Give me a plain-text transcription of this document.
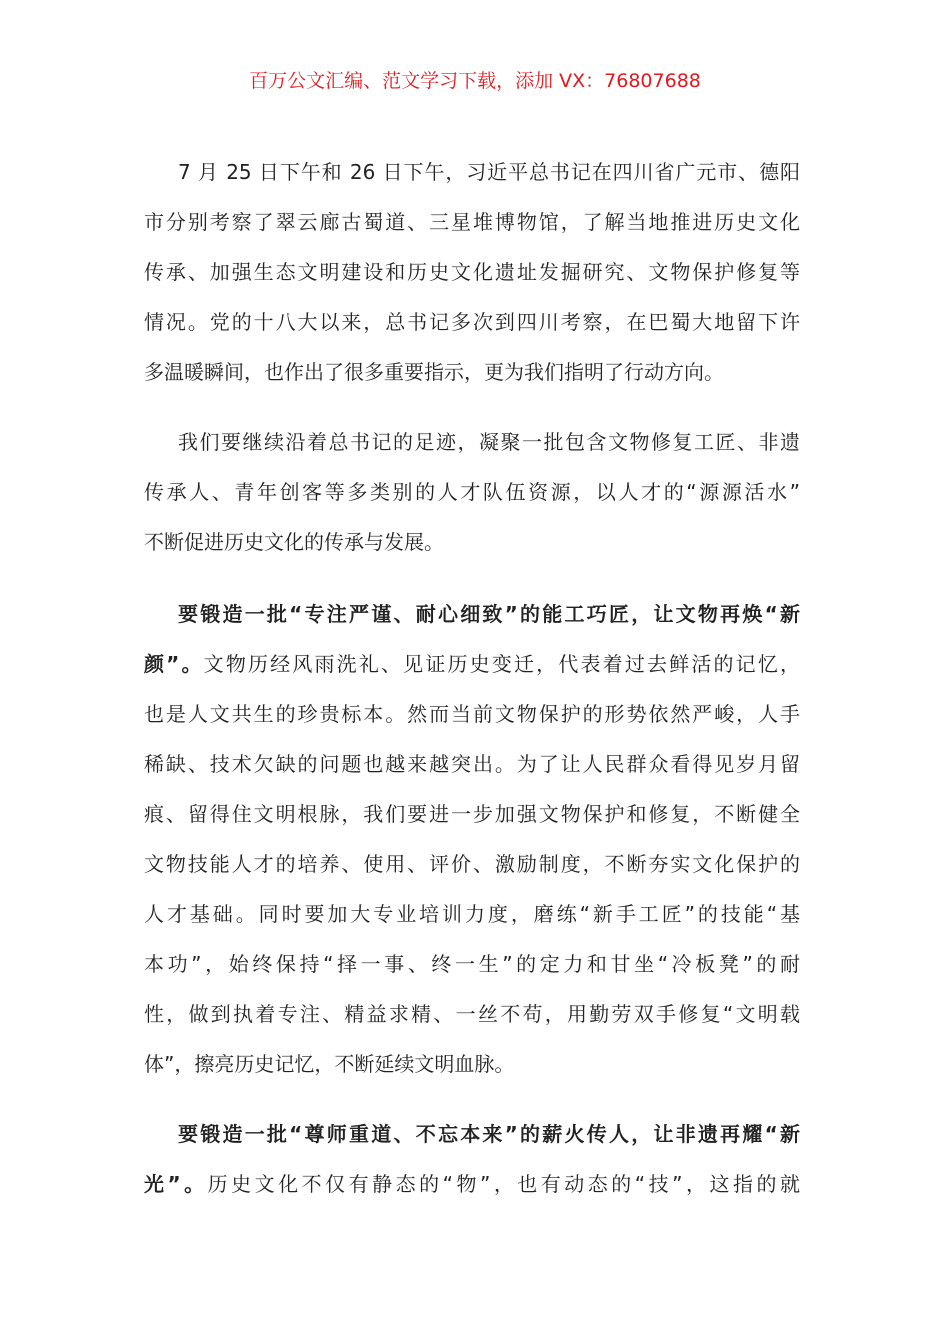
百万公文汇编、范文学习下载，添加 VX：76807688
7 月 25 日下午和 26 日下午，习近平总书记在四川省广元市、德阳
市分别考察了翠云廊古蜀道、三星堆博物馆，了解当地推进历史文化
传承、加强生态文明建设和历史文化遗址发掘研究、文物保护修复等
情况。党的十八大以来，总书记多次到四川考察，在巴蜀大地留下许
多温暖瞬间，也作出了很多重要指示，更为我们指明了行动方向。
我们要继续沿着总书记的足迹，凝聚一批包含文物修复工匠、非遗
传承人、青年创客等多类别的人才队伍资源，以人才的“源源活水”
不断促进历史文化的传承与发展。
要锻造一批“专注严谨、耐心细致”的能工巧匠，让文物再焕“新
颜”。文物历经风雨洗礼、见证历史变迁，代表着过去鲜活的记忆，
也是人文共生的珍贵标本。然而当前文物保护的形势依然严峻，人手
稀缺、技术欠缺的问题也越来越突出。为了让人民群众看得见岁月留
痕、留得住文明根脉，我们要进一步加强文物保护和修复，不断健全
文物技能人才的培养、使用、评价、激励制度，不断夯实文化保护的
人才基础。同时要加大专业培训力度，磨练“新手工匠”的技能“基
本功”，始终保持“择一事、终一生”的定力和甘坐“冷板凳”的耐
性，做到执着专注、精益求精、一丝不苟，用勤劳双手修复“文明载
体”，擦亮历史记忆，不断延续文明血脉。
要锻造一批“尊师重道、不忘本来”的薪火传人，让非遗再耀“新
光”。历史文化不仅有静态的“物”，也有动态的“技”，这指的就
